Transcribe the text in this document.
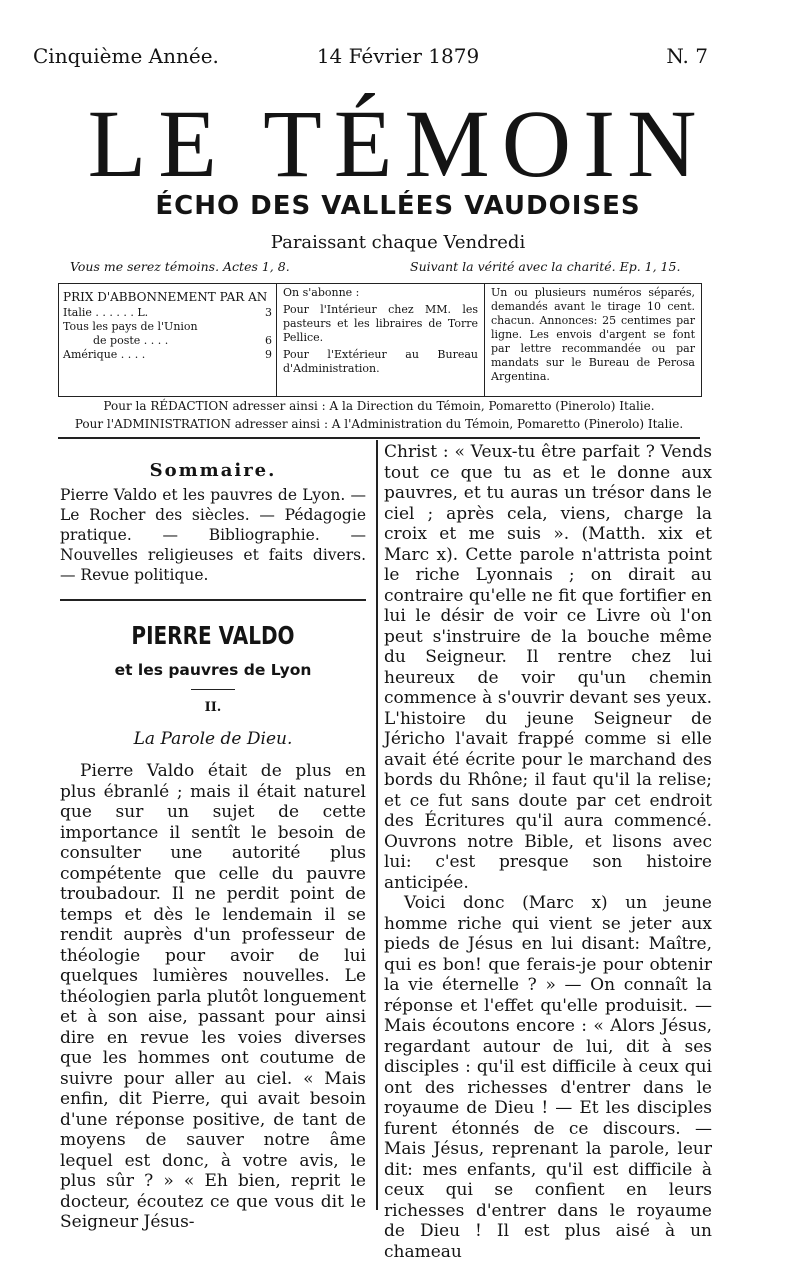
Cinquième Année.	14 Février 1879	N. 7
LE TÉMOIN
ÉCHO DES VALLÉES VAUDOISES
Paraissant chaque Vendredi
Vous me serez témoins. Actes 1, 8.	Suivant la vérité avec la charité. Ep. 1, 15.
PRIX D'ABBONNEMENT PAR AN
Italie . . . . . . L.	3
Tous les pays de l'Union
de poste . . . .	6
Amérique . . . .	9
On s'abonne :
Pour l'Intérieur chez MM. les pasteurs et les libraires de Torre Pellice.
Pour l'Extérieur au Bureau d'Administration.
Un ou plusieurs numéros séparés, demandés avant le tirage 10 cent. chacun. Annonces: 25 centimes par ligne. Les envois d'argent se font par lettre recommandée ou par mandats sur le Bureau de Perosa Argentina.
Pour la RÉDACTION adresser ainsi : A la Direction du Témoin, Pomaretto (Pinerolo) Italie.
Pour l'ADMINISTRATION adresser ainsi : A l'Administration du Témoin, Pomaretto (Pinerolo) Italie.
Sommaire.
Pierre Valdo et les pauvres de Lyon. — Le Rocher des siècles. — Pédagogie pratique. — Bibliographie. — Nouvelles religieuses et faits divers. — Revue politique.
PIERRE VALDO
et les pauvres de Lyon
II.
La Parole de Dieu.

Pierre Valdo était de plus en plus ébranlé ; mais il était naturel que sur un sujet de cette importance il sentît le besoin de consulter une autorité plus compétente que celle du pauvre troubadour. Il ne perdit point de temps et dès le lendemain il se rendit auprès d'un professeur de théologie pour avoir de lui quelques lumières nouvelles. Le théologien parla plutôt longuement et à son aise, passant pour ainsi dire en revue les voies diverses que les hommes ont coutume de suivre pour aller au ciel. « Mais enfin, dit Pierre, qui avait besoin d'une réponse positive, de tant de moyens de sauver notre âme lequel est donc, à votre avis, le plus sûr ? » « Eh bien, reprit le docteur, écoutez ce que vous dit le Seigneur Jésus-

Christ : « Veux-tu être parfait ? Vends tout ce que tu as et le donne aux pauvres, et tu auras un trésor dans le ciel ; après cela, viens, charge la croix et me suis ». (Matth. xix et Marc x). Cette parole n'attrista point le riche Lyonnais ; on dirait au contraire qu'elle ne fit que fortifier en lui le désir de voir ce Livre où l'on peut s'instruire de la bouche même du Seigneur. Il rentre chez lui heureux de voir qu'un chemin commence à s'ouvrir devant ses yeux. L'histoire du jeune Seigneur de Jéricho l'avait frappé comme si elle avait été écrite pour le marchand des bords du Rhône; il faut qu'il la relise; et ce fut sans doute par cet endroit des Écritures qu'il aura commencé. Ouvrons notre Bible, et lisons avec lui: c'est presque son histoire anticipée.

Voici donc (Marc x) un jeune homme riche qui vient se jeter aux pieds de Jésus en lui disant: Maître, qui es bon! que ferais-je pour obtenir la vie éternelle ? » — On connaît la réponse et l'effet qu'elle produisit. — Mais écoutons encore : « Alors Jésus, regardant autour de lui, dit à ses disciples : qu'il est difficile à ceux qui ont des richesses d'entrer dans le royaume de Dieu ! — Et les disciples furent étonnés de ce discours. — Mais Jésus, reprenant la parole, leur dit: mes enfants, qu'il est difficile à ceux qui se confient en leurs richesses d'entrer dans le royaume de Dieu ! Il est plus aisé à un chameau
